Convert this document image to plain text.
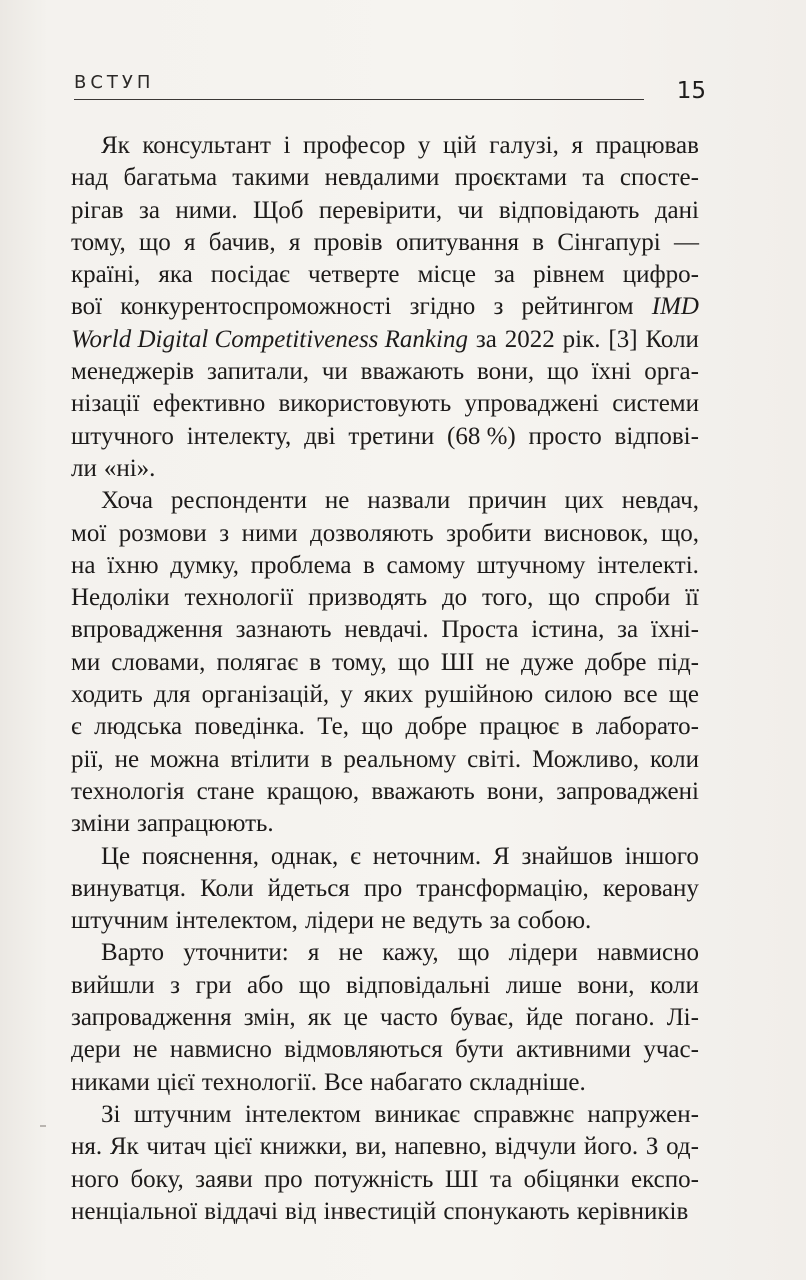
ВСТУП	15
Як консультант і професор у цій галузі, я працював
над багатьма такими невдалими проєктами та спосте-
рігав за ними. Щоб перевірити, чи відповідають дані
тому, що я бачив, я провів опитування в Сінгапурі —
країні, яка посідає четверте місце за рівнем цифро-
вої конкурентоспроможності згідно з рейтингом IMD
World Digital Competitiveness Ranking за 2022 рік. [3] Коли
менеджерів запитали, чи вважають вони, що їхні орга-
нізації ефективно використовують упроваджені системи
штучного інтелекту, дві третини (68 %) просто відпові-
ли «ні».
Хоча респонденти не назвали причин цих невдач,
мої розмови з ними дозволяють зробити висновок, що,
на їхню думку, проблема в самому штучному інтелекті.
Недоліки технології призводять до того, що спроби її
впровадження зазнають невдачі. Проста істина, за їхні-
ми словами, полягає в тому, що ШІ не дуже добре під-
ходить для організацій, у яких рушійною силою все ще
є людська поведінка. Те, що добре працює в лаборато-
рії, не можна втілити в реальному світі. Можливо, коли
технологія стане кращою, вважають вони, запроваджені
зміни запрацюють.
Це пояснення, однак, є неточним. Я знайшов іншого
винуватця. Коли йдеться про трансформацію, керовану
штучним інтелектом, лідери не ведуть за собою.
Варто уточнити: я не кажу, що лідери навмисно
вийшли з гри або що відповідальні лише вони, коли
запровадження змін, як це часто буває, йде погано. Лі-
дери не навмисно відмовляються бути активними учас-
никами цієї технології. Все набагато складніше.
Зі штучним інтелектом виникає справжнє напружен-
ня. Як читач цієї книжки, ви, напевно, відчули його. З од-
ного боку, заяви про потужність ШІ та обіцянки експо-
ненціальної віддачі від інвестицій спонукають керівників
